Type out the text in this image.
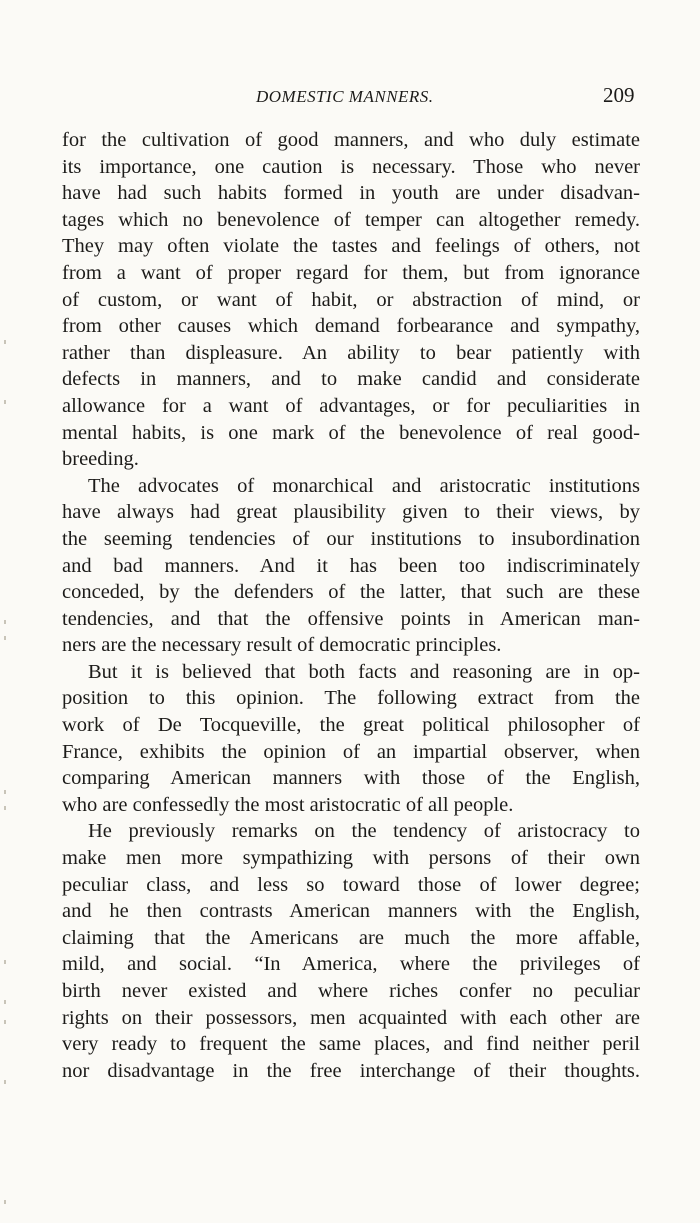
DOMESTIC MANNERS.	209
for the cultivation of good manners, and who duly estimate
its importance, one caution is necessary. Those who never
have had such habits formed in youth are under disadvan-
tages which no benevolence of temper can altogether remedy.
They may often violate the tastes and feelings of others, not
from a want of proper regard for them, but from ignorance
of custom, or want of habit, or abstraction of mind, or
from other causes which demand forbearance and sympathy,
rather than displeasure. An ability to bear patiently with
defects in manners, and to make candid and considerate
allowance for a want of advantages, or for peculiarities in
mental habits, is one mark of the benevolence of real good-
breeding.
The advocates of monarchical and aristocratic institutions
have always had great plausibility given to their views, by
the seeming tendencies of our institutions to insubordination
and bad manners. And it has been too indiscriminately
conceded, by the defenders of the latter, that such are these
tendencies, and that the offensive points in American man-
ners are the necessary result of democratic principles.
But it is believed that both facts and reasoning are in op-
position to this opinion. The following extract from the
work of De Tocqueville, the great political philosopher of
France, exhibits the opinion of an impartial observer, when
comparing American manners with those of the English,
who are confessedly the most aristocratic of all people.
He previously remarks on the tendency of aristocracy to
make men more sympathizing with persons of their own
peculiar class, and less so toward those of lower degree;
and he then contrasts American manners with the English,
claiming that the Americans are much the more affable,
mild, and social. “In America, where the privileges of
birth never existed and where riches confer no peculiar
rights on their possessors, men acquainted with each other are
very ready to frequent the same places, and find neither peril
nor disadvantage in the free interchange of their thoughts.
